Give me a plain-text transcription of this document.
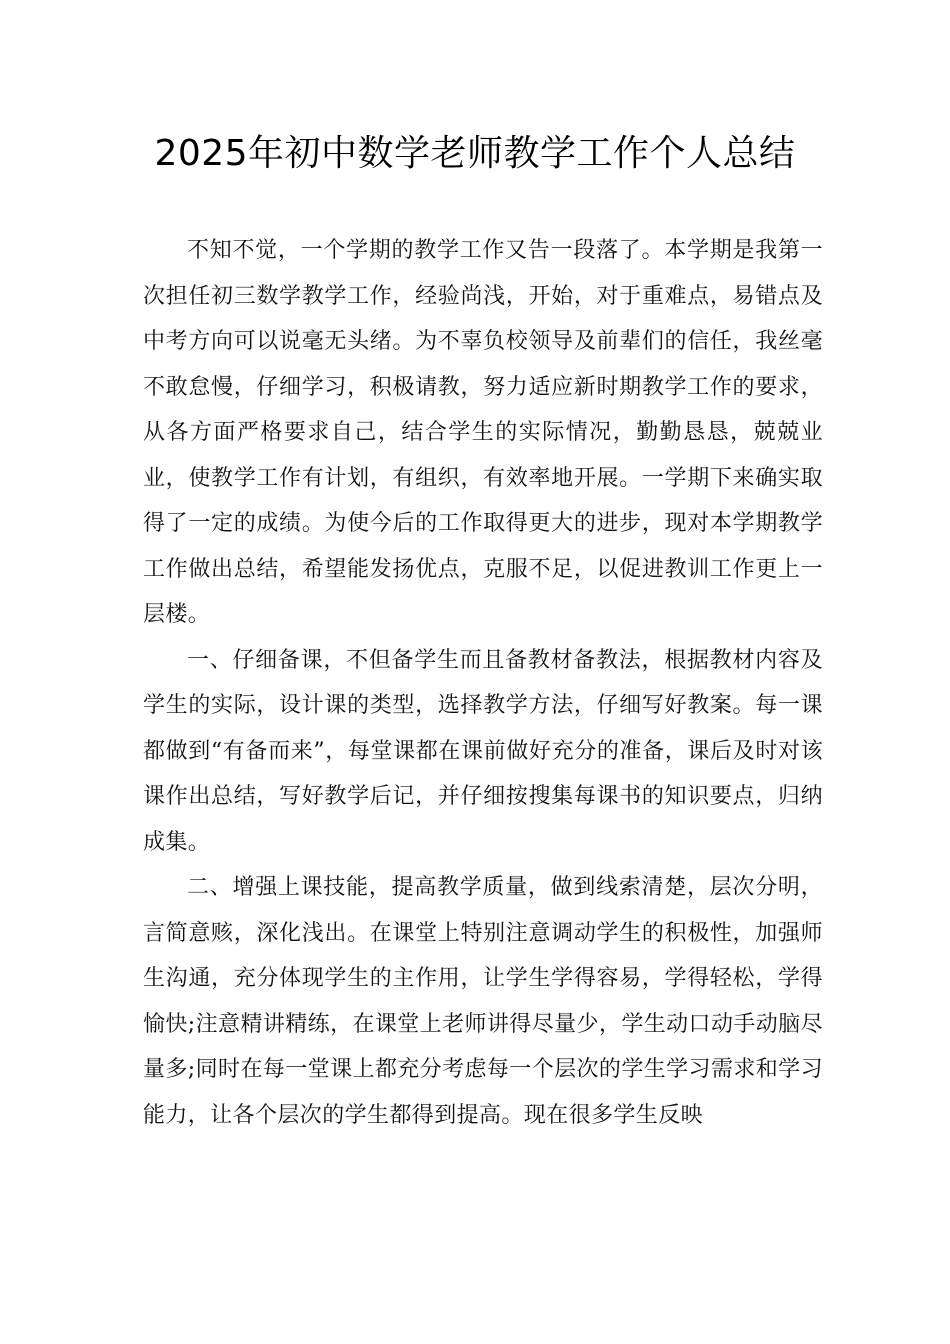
2025年初中数学老师教学工作个人总结

不知不觉，一个学期的教学工作又告一段落了。本学期是我第一次担任初三数学教学工作，经验尚浅，开始，对于重难点，易错点及中考方向可以说毫无头绪。为不辜负校领导及前辈们的信任，我丝毫不敢怠慢，仔细学习，积极请教，努力适应新时期教学工作的要求，从各方面严格要求自己，结合学生的实际情况，勤勤恳恳，兢兢业业，使教学工作有计划，有组织，有效率地开展。一学期下来确实取得了一定的成绩。为使今后的工作取得更大的进步，现对本学期教学工作做出总结，希望能发扬优点，克服不足，以促进教训工作更上一层楼。

一、仔细备课，不但备学生而且备教材备教法，根据教材内容及学生的实际，设计课的类型，选择教学方法，仔细写好教案。每一课都做到“有备而来”，每堂课都在课前做好充分的准备，课后及时对该课作出总结，写好教学后记，并仔细按搜集每课书的知识要点，归纳成集。

二、增强上课技能，提高教学质量，做到线索清楚，层次分明，言简意赅，深化浅出。在课堂上特别注意调动学生的积极性，加强师生沟通，充分体现学生的主作用，让学生学得容易，学得轻松，学得愉快;注意精讲精练，在课堂上老师讲得尽量少，学生动口动手动脑尽量多;同时在每一堂课上都充分考虑每一个层次的学生学习需求和学习能力，让各个层次的学生都得到提高。现在很多学生反映
